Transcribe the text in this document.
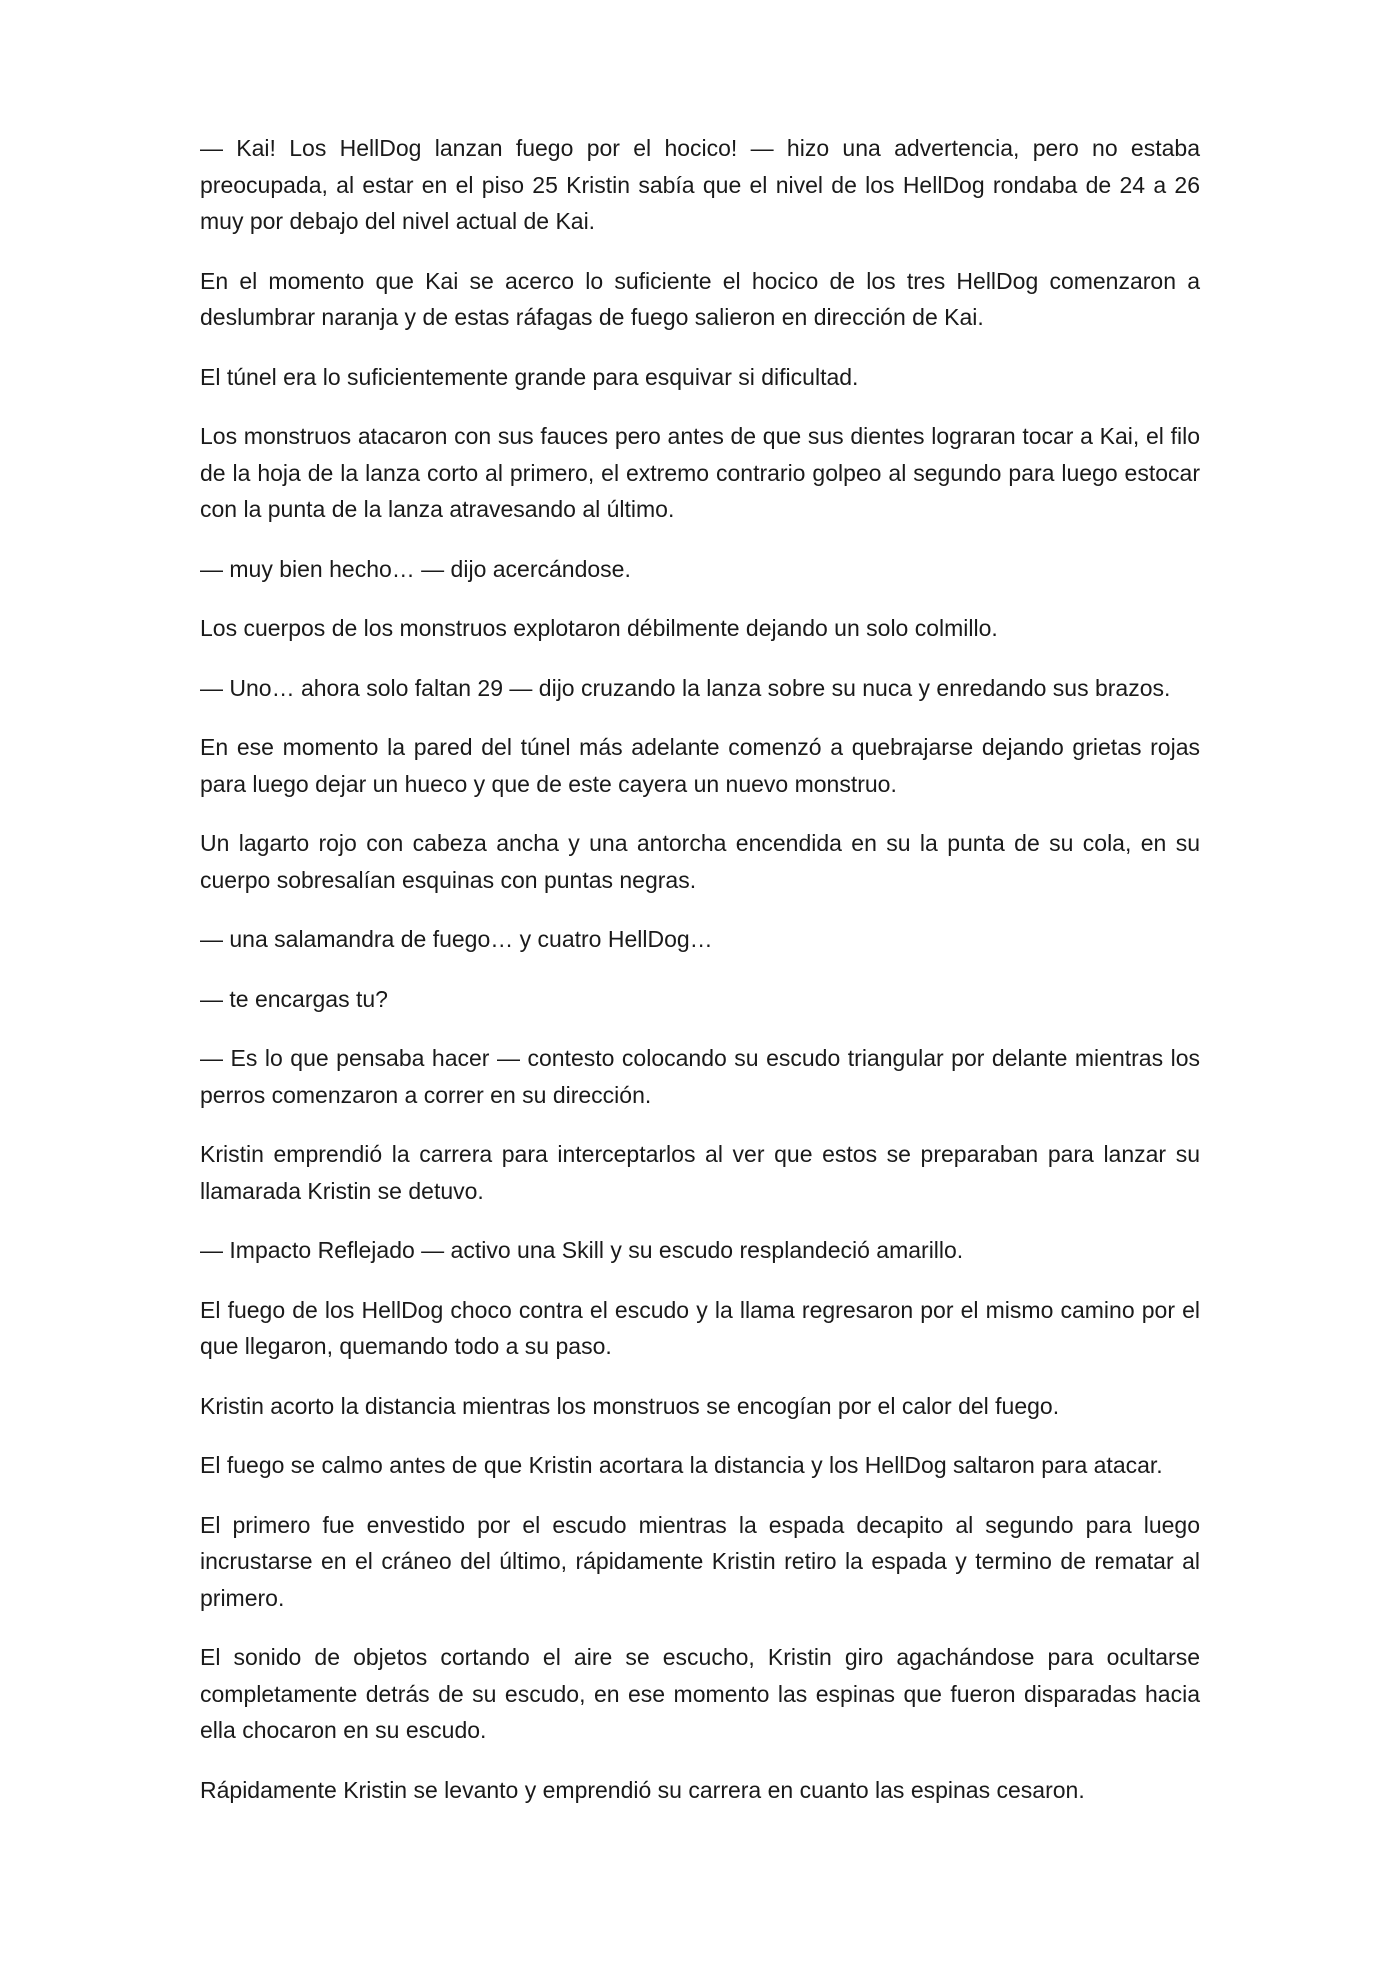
— Kai! Los HellDog lanzan fuego por el hocico! — hizo una advertencia, pero no estaba preocupada, al estar en el piso 25 Kristin sabía que el nivel de los HellDog rondaba de 24 a 26 muy por debajo del nivel actual de Kai.

En el momento que Kai se acerco lo suficiente el hocico de los tres HellDog comenzaron a deslumbrar naranja y de estas ráfagas de fuego salieron en dirección de Kai.

El túnel era lo suficientemente grande para esquivar si dificultad.

Los monstruos atacaron con sus fauces pero antes de que sus dientes lograran tocar a Kai, el filo de la hoja de la lanza corto al primero, el extremo contrario golpeo al segundo para luego estocar con la punta de la lanza atravesando al último.

— muy bien hecho… — dijo acercándose.

Los cuerpos de los monstruos explotaron débilmente dejando un solo colmillo.

— Uno… ahora solo faltan 29 — dijo cruzando la lanza sobre su nuca y enredando sus brazos.

En ese momento la pared del túnel más adelante comenzó a quebrajarse dejando grietas rojas para luego dejar un hueco y que de este cayera un nuevo monstruo.

Un lagarto rojo con cabeza ancha y una antorcha encendida en su la punta de su cola, en su cuerpo sobresalían esquinas con puntas negras.

— una salamandra de fuego… y cuatro HellDog…

— te encargas tu?

— Es lo que pensaba hacer — contesto colocando su escudo triangular por delante mientras los perros comenzaron a correr en su dirección.

Kristin emprendió la carrera para interceptarlos al ver que estos se preparaban para lanzar su llamarada Kristin se detuvo.

— Impacto Reflejado — activo una Skill y su escudo resplandeció amarillo.

El fuego de los HellDog choco contra el escudo y la llama regresaron por el mismo camino por el que llegaron, quemando todo a su paso.

Kristin acorto la distancia mientras los monstruos se encogían por el calor del fuego.

El fuego se calmo antes de que Kristin acortara la distancia y los HellDog saltaron para atacar.

El primero fue envestido por el escudo mientras la espada decapito al segundo para luego incrustarse en el cráneo del último, rápidamente Kristin retiro la espada y termino de rematar al primero.

El sonido de objetos cortando el aire se escucho, Kristin giro agachándose para ocultarse completamente detrás de su escudo, en ese momento las espinas que fueron disparadas hacia ella chocaron en su escudo.

Rápidamente Kristin se levanto y emprendió su carrera en cuanto las espinas cesaron.
